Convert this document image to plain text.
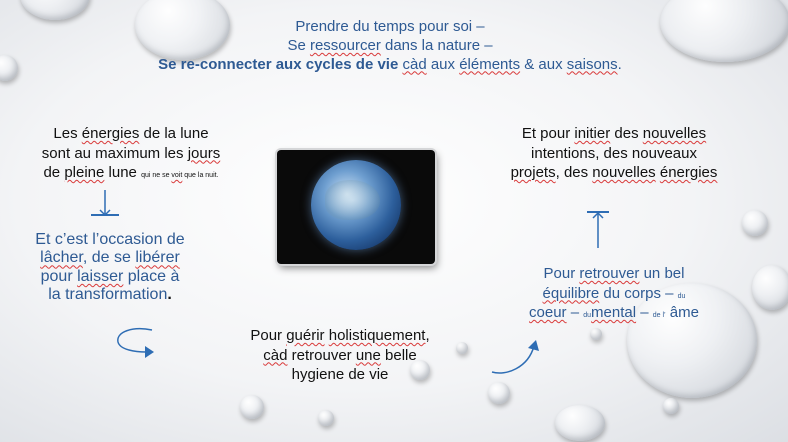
Prendre du temps pour soi –
Se ressourcer dans la nature –
Se re-connecter aux cycles de vie càd aux éléments & aux saisons.
Les énergies de la lune
sont au maximum les jours
de pleine lune qui ne se voit que la nuit.
Et c’est l’occasion de
lâcher, de se libérer
pour laisser place à
la transformation.
Et pour initier des nouvelles
intentions, des nouveaux
projets, des nouvelles énergies
Pour retrouver un bel
équilibre du corps – du
coeur – dumental – de l’ âme
Pour guérir holistiquement,
càd retrouver une belle
hygiene de vie
